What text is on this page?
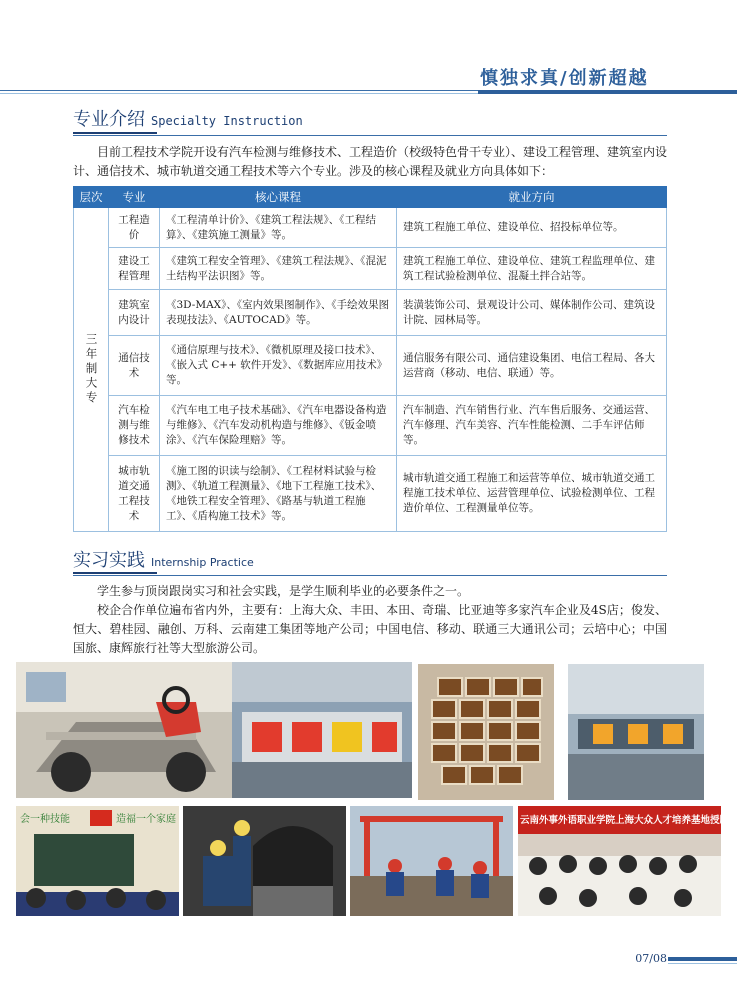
慎独求真/创新超越
专业介绍 Specialty Instruction

目前工程技术学院开设有汽车检测与维修技术、工程造价（校级特色骨干专业）、建设工程管理、建筑室内设计、通信技术、城市轨道交通工程技术等六个专业。涉及的核心课程及就业方向具体如下：

层次	专业	核心课程	就业方向
三年制大专	工程造价	《工程清单计价》、《建筑工程法规》、《工程结算》、《建筑施工测量》等。	建筑工程施工单位、建设单位、招投标单位等。
	建设工程管理	《建筑工程安全管理》、《建筑工程法规》、《混泥土结构平法识图》等。	建筑工程施工单位、建设单位、建筑工程监理单位、建筑工程试验检测单位、混凝土拌合站等。
	建筑室内设计	《3D-MAX》、《室内效果图制作》、《手绘效果图表现技法》、《AUTOCAD》等。	装潢装饰公司、景观设计公司、媒体制作公司、建筑设计院、园林局等。
	通信技术	《通信原理与技术》、《微机原理及接口技术》、《嵌入式 C++ 软件开发》、《数据库应用技术》等。	通信服务有限公司、通信建设集团、电信工程局、各大运营商（移动、电信、联通）等。
	汽车检测与维修技术	《汽车电工电子技术基础》、《汽车电器设备构造与维修》、《汽车发动机构造与维修》、《钣金喷涂》、《汽车保险理赔》等。	汽车制造、汽车销售行业、汽车售后服务、交通运营、汽车修理、汽车美容、汽车性能检测、二手车评估师等。
	城市轨道交通工程技术	《施工图的识读与绘制》、《工程材料试验与检测》、《轨道工程测量》、《地下工程施工技术》、《地铁工程安全管理》、《路基与轨道工程施工》、《盾构施工技术》等。	城市轨道交通工程施工和运营等单位、城市轨道交通工程施工技术单位、运营管理单位、试验检测单位、工程造价单位、工程测量单位等。
实习实践 Internship Practice

学生参与顶岗跟岗实习和社会实践，是学生顺利毕业的必要条件之一。

校企合作单位遍布省内外，主要有：上海大众、丰田、本田、奇瑞、比亚迪等多家汽车企业及4S店；俊发、恒大、碧桂园、融创、万科、云南建工集团等地产公司；中国电信、移动、联通三大通讯公司；云培中心；中国国旅、康辉旅行社等大型旅游公司。

会一种技能	造福一个家庭	云南外事外语职业学院上海大众人才培养基地授牌仪式
07/08
